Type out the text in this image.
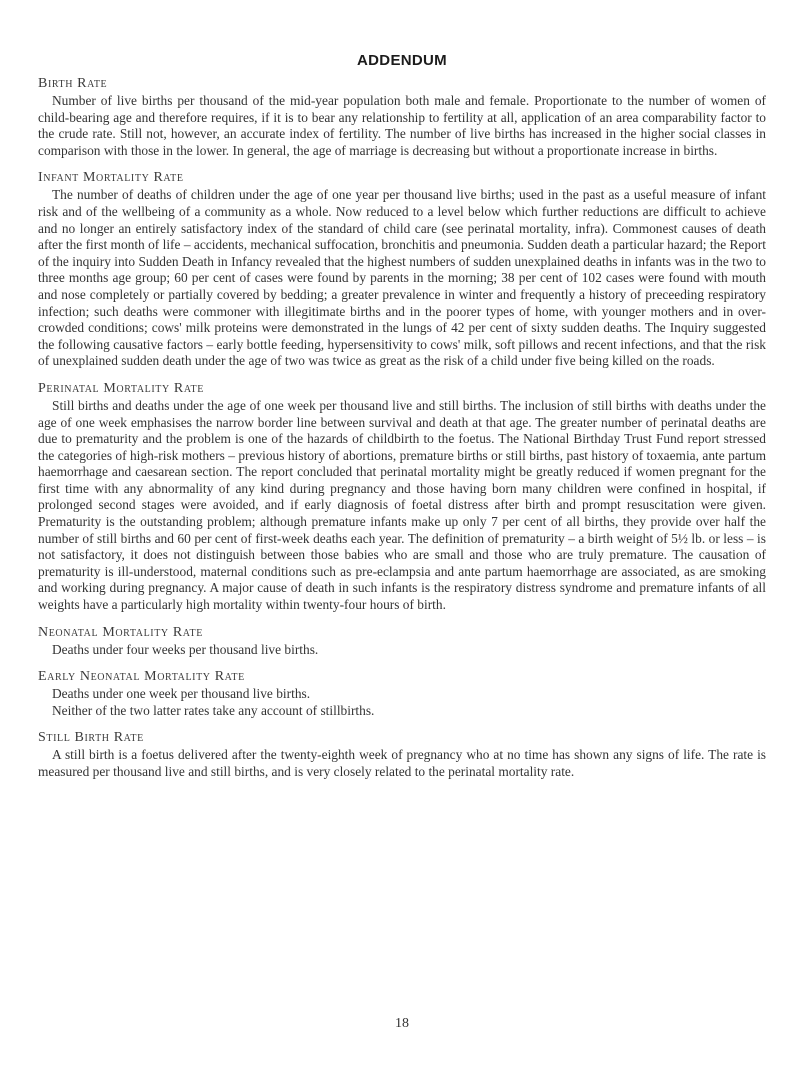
ADDENDUM
Birth Rate

Number of live births per thousand of the mid-year population both male and female. Proportionate to the number of women of child-bearing age and therefore requires, if it is to bear any relationship to fertility at all, application of an area comparability factor to the crude rate. Still not, however, an accurate index of fertility. The number of live births has increased in the higher social classes in comparison with those in the lower. In general, the age of marriage is decreasing but without a proportionate increase in births.

Infant Mortality Rate

The number of deaths of children under the age of one year per thousand live births; used in the past as a useful measure of infant risk and of the wellbeing of a community as a whole. Now reduced to a level below which further reductions are difficult to achieve and no longer an entirely satisfactory index of the standard of child care (see perinatal mortality, infra). Commonest causes of death after the first month of life – accidents, mechanical suffocation, bronchitis and pneumonia. Sudden death a particular hazard; the Report of the inquiry into Sudden Death in Infancy revealed that the highest numbers of sudden unexplained deaths in infants was in the two to three months age group; 60 per cent of cases were found by parents in the morning; 38 per cent of 102 cases were found with mouth and nose completely or partially covered by bedding; a greater prevalence in winter and frequently a history of preceeding respiratory infection; such deaths were commoner with illegitimate births and in the poorer types of home, with younger mothers and in over-crowded conditions; cows' milk proteins were demonstrated in the lungs of 42 per cent of sixty sudden deaths. The Inquiry suggested the following causative factors – early bottle feeding, hypersensitivity to cows' milk, soft pillows and recent infections, and that the risk of unexplained sudden death under the age of two was twice as great as the risk of a child under five being killed on the roads.

Perinatal Mortality Rate

Still births and deaths under the age of one week per thousand live and still births. The inclusion of still births with deaths under the age of one week emphasises the narrow border line between survival and death at that age. The greater number of perinatal deaths are due to prematurity and the problem is one of the hazards of childbirth to the foetus. The National Birthday Trust Fund report stressed the categories of high-risk mothers – previous history of abortions, premature births or still births, past history of toxaemia, ante partum haemorrhage and caesarean section. The report concluded that perinatal mortality might be greatly reduced if women pregnant for the first time with any abnormality of any kind during pregnancy and those having born many children were confined in hospital, if prolonged second stages were avoided, and if early diagnosis of foetal distress after birth and prompt resuscitation were given. Prematurity is the outstanding problem; although premature infants make up only 7 per cent of all births, they provide over half the number of still births and 60 per cent of first-week deaths each year. The definition of prematurity – a birth weight of 5½ lb. or less – is not satisfactory, it does not distinguish between those babies who are small and those who are truly premature. The causation of prematurity is ill-understood, maternal conditions such as pre-eclampsia and ante partum haemorrhage are associated, as are smoking and working during pregnancy. A major cause of death in such infants is the respiratory distress syndrome and premature infants of all weights have a particularly high mortality within twenty-four hours of birth.

Neonatal Mortality Rate

Deaths under four weeks per thousand live births.

Early Neonatal Mortality Rate

Deaths under one week per thousand live births.

Neither of the two latter rates take any account of stillbirths.

Still Birth Rate

A still birth is a foetus delivered after the twenty-eighth week of pregnancy who at no time has shown any signs of life. The rate is measured per thousand live and still births, and is very closely related to the perinatal mortality rate.

18
